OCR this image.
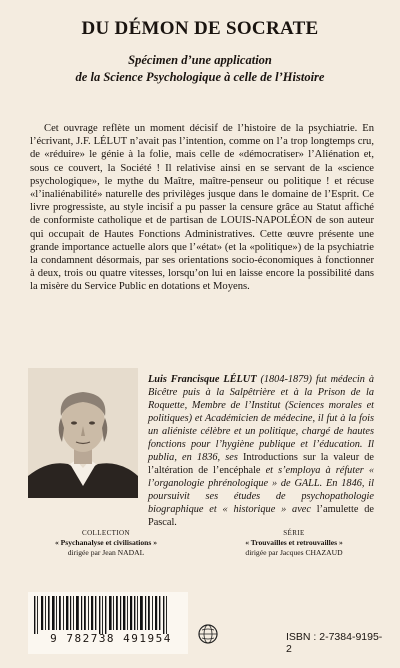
DU DÉMON DE SOCRATE
Spécimen d’une application
de la Science Psychologique à celle de l’Histoire

Cet ouvrage reflète un moment décisif de l’histoire de la psychiatrie. En l’écrivant, J.F. LÉLUT n’avait pas l’intention, comme on l’a trop longtemps cru, de «réduire» le génie à la folie, mais celle de «démocratiser» l’Aliénation et, sous ce couvert, la Société ! Il relativise ainsi en se servant de la «science psychologique», le mythe du Maître, maître-penseur ou politique ! et récuse «l’inaliénabilité» naturelle des privilèges jusque dans le domaine de l’Esprit. Ce livre progressiste, au style incisif a pu passer la censure grâce au Statut affiché de conformiste catholique et de partisan de LOUIS-NAPOLÉON de son auteur qui occupait de Hautes Fonctions Administratives. Cette œuvre présente une grande importance actuelle alors que l’«état» (et la «politique») de la psychiatrie la condamnent désormais, par ses orientations socio-économiques à fonctionner à deux, trois ou quatre vitesses, lorsqu’on lui en laisse encore la possibilité dans la misère du Service Public en dotations et Moyens.

Luis Francisque LÉLUT (1804-1879) fut médecin à Bicêtre puis à la Salpêtrière et à la Prison de la Roquette, Membre de l’Institut (Sciences morales et politiques) et Académicien de médecine, il fut à la fois un aliéniste célèbre et un politique, chargé de hautes fonctions pour l’hygiène publique et l’éducation. Il publia, en 1836, ses Introductions sur la valeur de l’altération de l’encéphale et s’employa à réfuter « l’organologie phrénologique » de GALL. En 1846, il poursuivit ses études de psychopathologie biographique et « historique » avec l’amulette de Pascal.
COLLECTION
« Psychanalyse et civilisations »
dirigée par Jean NADAL
SÉRIE
« Trouvailles et retrouvailles »
dirigée par Jacques CHAZAUD
9 782738 491954	ISBN : 2-7384-9195-2
